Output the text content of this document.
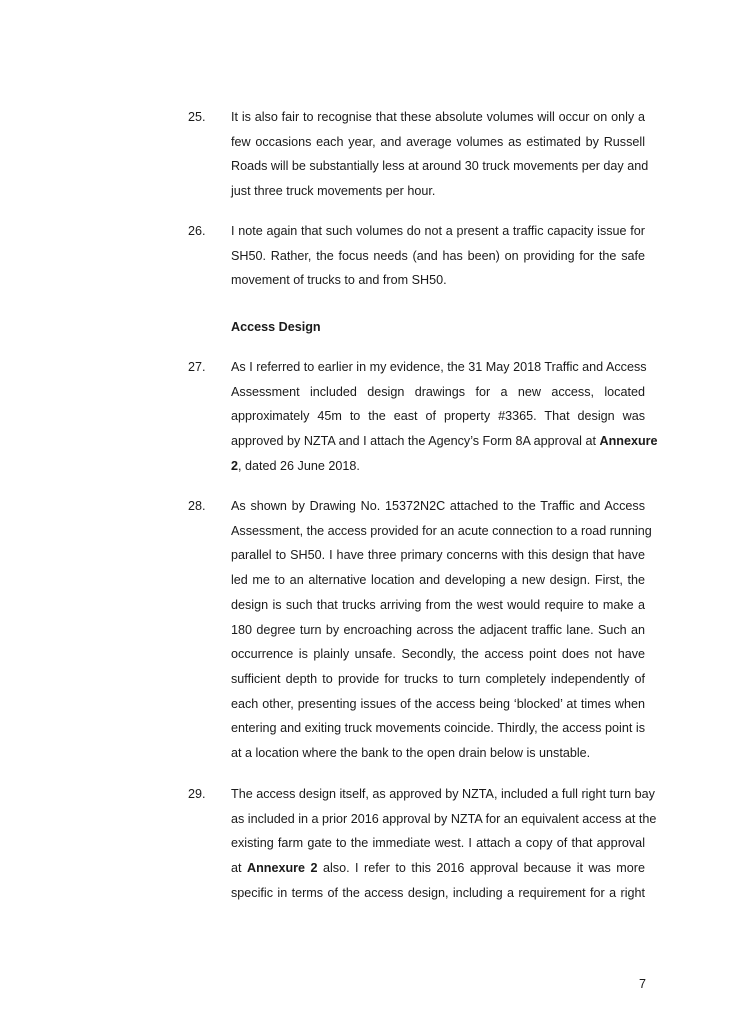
25.	It is also fair to recognise that these absolute volumes will occur on only a
few occasions each year, and average volumes as estimated by Russell
Roads will be substantially less at around 30 truck movements per day and
just three truck movements per hour.
26.	I note again that such volumes do not a present a traffic capacity issue for
SH50. Rather, the focus needs (and has been) on providing for the safe
movement of trucks to and from SH50.
Access Design
27.	As I referred to earlier in my evidence, the 31 May 2018 Traffic and Access
Assessment included design drawings for a new access, located
approximately 45m to the east of property #3365. That design was
approved by NZTA and I attach the Agency’s Form 8A approval at Annexure
2, dated 26 June 2018.
28.	As shown by Drawing No. 15372N2C attached to the Traffic and Access
Assessment, the access provided for an acute connection to a road running
parallel to SH50. I have three primary concerns with this design that have
led me to an alternative location and developing a new design. First, the
design is such that trucks arriving from the west would require to make a
180 degree turn by encroaching across the adjacent traffic lane. Such an
occurrence is plainly unsafe. Secondly, the access point does not have
sufficient depth to provide for trucks to turn completely independently of
each other, presenting issues of the access being ‘blocked’ at times when
entering and exiting truck movements coincide. Thirdly, the access point is
at a location where the bank to the open drain below is unstable.
29.	The access design itself, as approved by NZTA, included a full right turn bay
as included in a prior 2016 approval by NZTA for an equivalent access at the
existing farm gate to the immediate west. I attach a copy of that approval
at Annexure 2 also. I refer to this 2016 approval because it was more
specific in terms of the access design, including a requirement for a right
7
